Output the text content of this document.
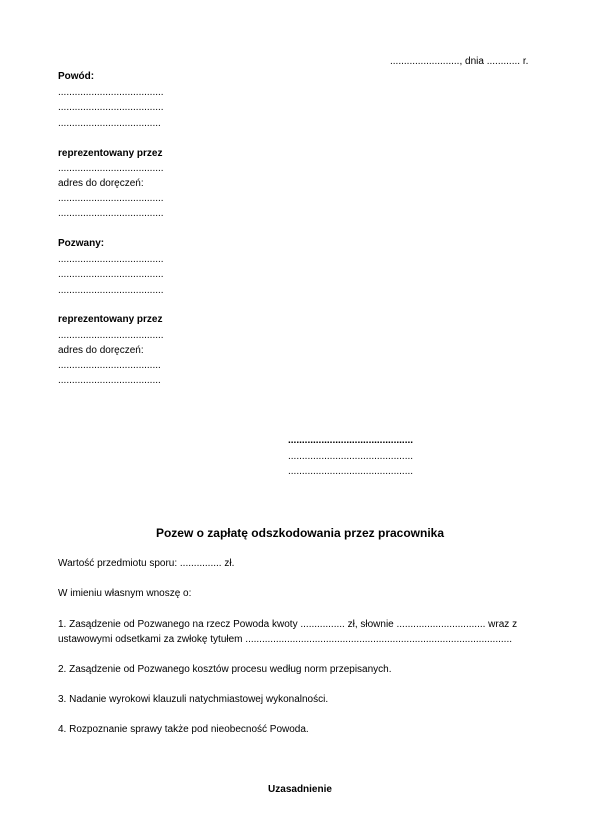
........................., dnia ............ r.
Powód:
......................................
......................................
.....................................
reprezentowany przez
......................................
adres do doręczeń:
......................................
......................................
Pozwany:
......................................
......................................
......................................
reprezentowany przez
......................................
adres do doręczeń:
.....................................
.....................................
.............................................
.............................................
.............................................
Pozew o zapłatę odszkodowania przez pracownika
Wartość przedmiotu sporu: ............... zł.
W imieniu własnym wnoszę o:
1. Zasądzenie od Pozwanego na rzecz Powoda kwoty ................ zł, słownie ................................ wraz z
ustawowymi odsetkami za zwłokę tytułem ................................................................................................
2. Zasądzenie od Pozwanego kosztów procesu według norm przepisanych.
3. Nadanie wyrokowi klauzuli natychmiastowej wykonalności.
4. Rozpoznanie sprawy także pod nieobecność Powoda.
Uzasadnienie
